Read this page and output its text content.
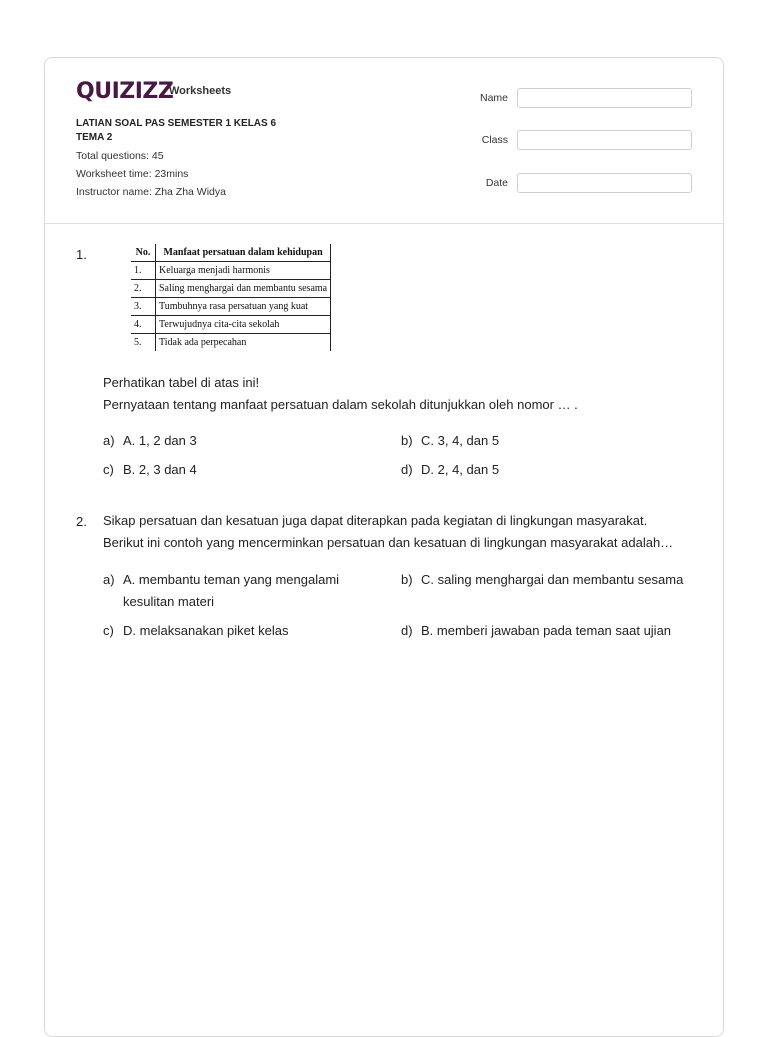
QUIZIZZ
Worksheets
LATIAN SOAL PAS SEMESTER 1 KELAS 6
TEMA 2
Total questions: 45
Worksheet time: 23mins
Instructor name: Zha Zha Widya
Name
Class
Date
1.	No.	Manfaat persatuan dalam kehidupan
1.	Keluarga menjadi harmonis
2.	Saling menghargai dan membantu sesama
3.	Tumbuhnya rasa persatuan yang kuat
4.	Terwujudnya cita-cita sekolah
5.	Tidak ada perpecahan
Perhatikan tabel di atas ini!
Pernyataan tentang manfaat persatuan dalam sekolah ditunjukkan oleh nomor … .
a) A. 1, 2 dan 3	b) C. 3, 4, dan 5
c) B. 2, 3 dan 4	d) D. 2, 4, dan 5
2. Sikap persatuan dan kesatuan juga dapat diterapkan pada kegiatan di lingkungan masyarakat.
Berikut ini contoh yang mencerminkan persatuan dan kesatuan di lingkungan masyarakat adalah…
a) A. membantu teman yang mengalami
kesulitan materi
b) C. saling menghargai dan membantu sesama
c) D. melaksanakan piket kelas	d) B. memberi jawaban pada teman saat ujian
